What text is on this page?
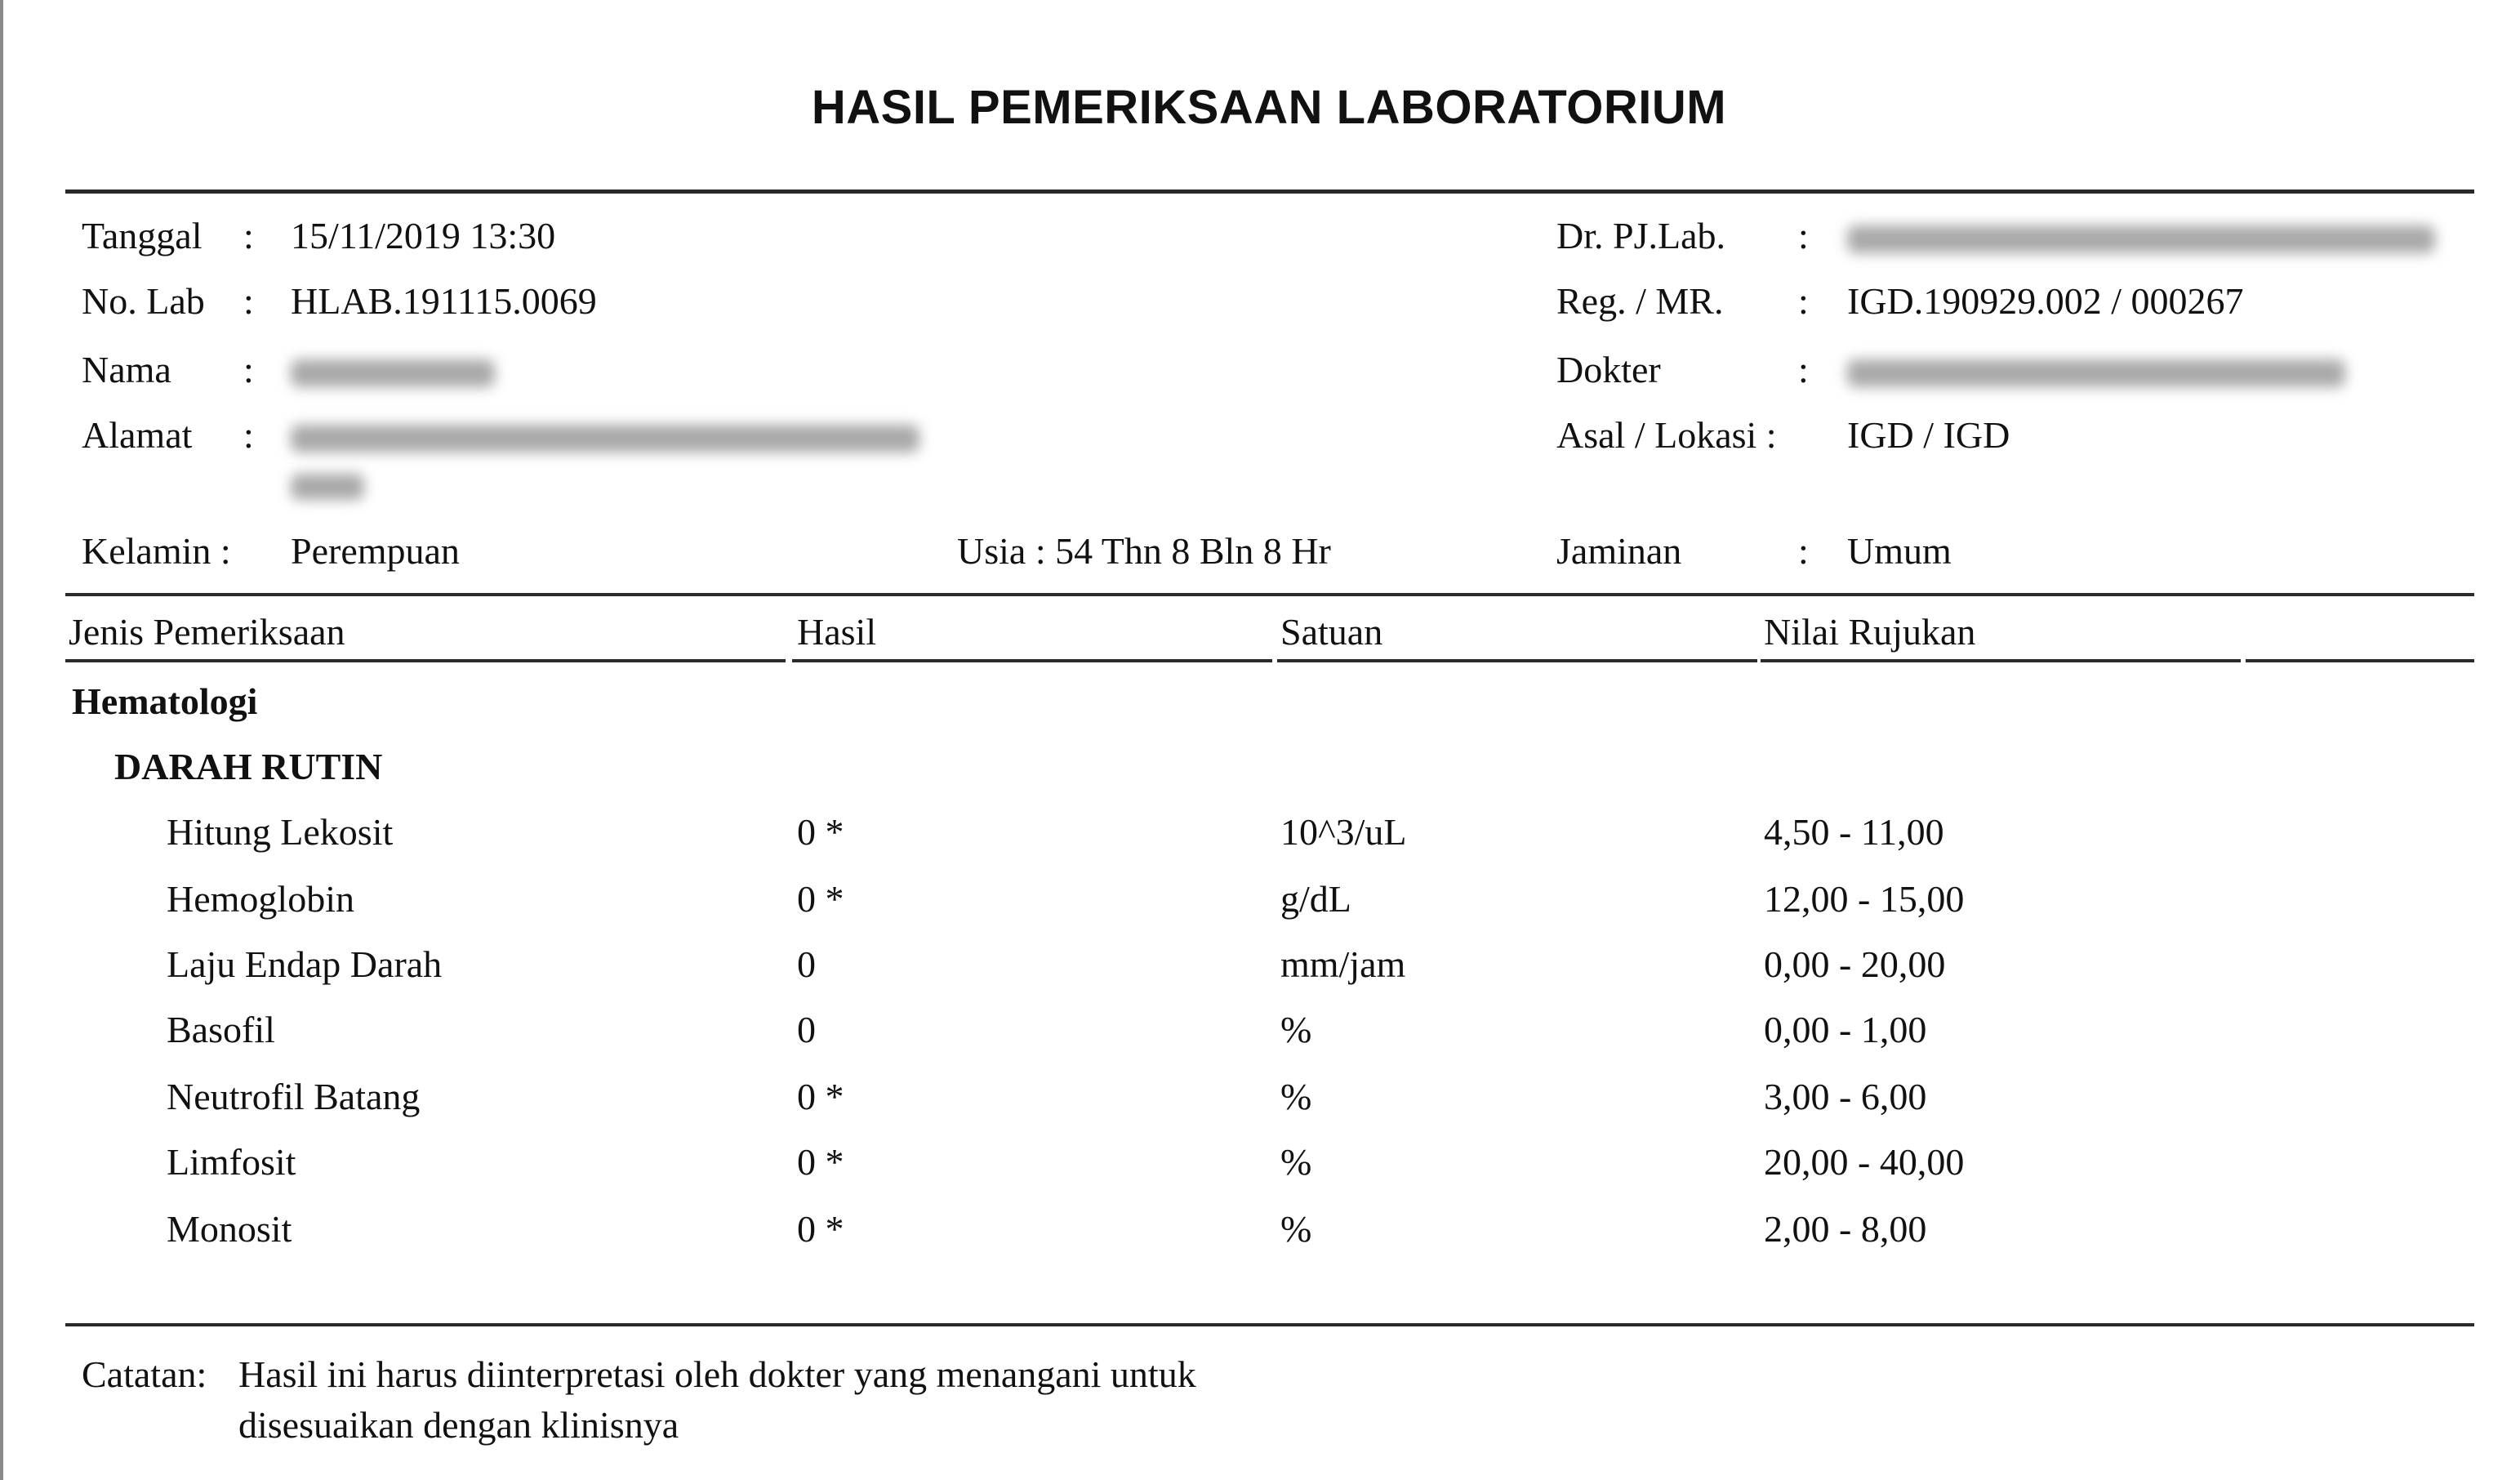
HASIL PEMERIKSAAN LABORATORIUM
Tanggal : 15/11/2019 13:30
No. Lab : HLAB.191115.0069
Nama :
Alamat :
Kelamin : Perempuan	Usia : 54 Thn 8 Bln 8 Hr
Dr. PJ.Lab. :
Reg. / MR. : IGD.190929.002 / 000267
Dokter	:
Asal / Lokasi : IGD / IGD
Jaminan	: Umum
Jenis Pemeriksaan	Hasil	Satuan	Nilai Rujukan
Hematologi
DARAH RUTIN
Hitung Lekosit	0 *	10^3/uL	4,50 - 11,00
Hemoglobin	0 *	g/dL	12,00 - 15,00
Laju Endap Darah	0	mm/jam	0,00 - 20,00
Basofil	0	%	0,00 - 1,00
Neutrofil Batang	0 *	%	3,00 - 6,00
Limfosit	0 *	%	20,00 - 40,00
Monosit	0 *	%	2,00 - 8,00
Catatan: Hasil ini harus diinterpretasi oleh dokter yang menangani untuk
disesuaikan dengan klinisnya
